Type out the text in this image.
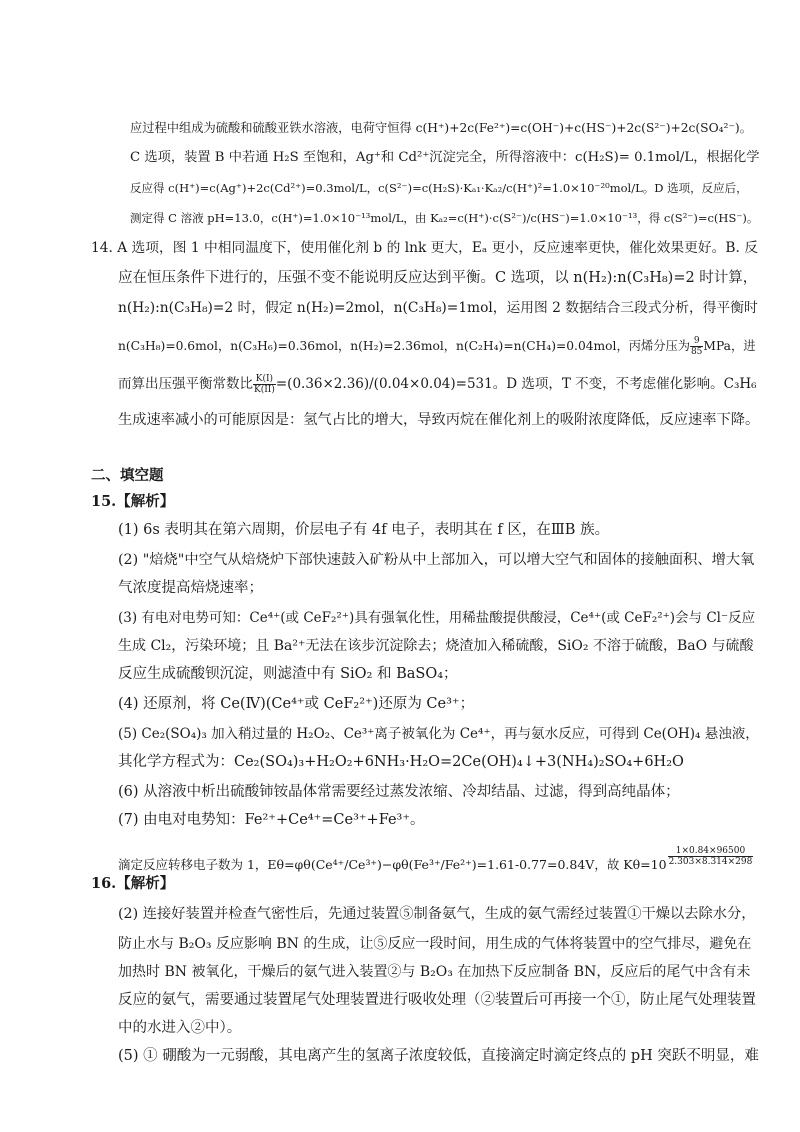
应过程中组成为硫酸和硫酸亚铁水溶液，电荷守恒得 c(H⁺)+2c(Fe²⁺)=c(OH⁻)+c(HS⁻)+2c(S²⁻)+2c(SO₄²⁻)。
C 选项，装置 B 中若通 H₂S 至饱和，Ag⁺和 Cd²⁺沉淀完全，所得溶液中：c(H₂S)= 0.1mol/L，根据化学
反应得 c(H⁺)=c(Ag⁺)+2c(Cd²⁺)=0.3mol/L，c(S²⁻)=c(H₂S)·Kₐ₁·Kₐ₂/c(H⁺)²=1.0×10⁻²⁰mol/L。D 选项，反应后，
测定得 C 溶液 pH=13.0，c(H⁺)=1.0×10⁻¹³mol/L，由 Kₐ₂=c(H⁺)·c(S²⁻)/c(HS⁻)=1.0×10⁻¹³，得 c(S²⁻)=c(HS⁻)。
14. A 选项，图 1 中相同温度下，使用催化剂 b 的 lnk 更大，Eₐ 更小，反应速率更快，催化效果更好。B. 反
应在恒压条件下进行的，压强不变不能说明反应达到平衡。C 选项，以 n(H₂):n(C₃H₈)=2 时计算，
n(H₂):n(C₃H₈)=2 时，假定 n(H₂)=2mol，n(C₃H₈)=1mol，运用图 2 数据结合三段式分析，得平衡时
n(C₃H₈)=0.6mol，n(C₃H₆)=0.36mol，n(H₂)=2.36mol，n(C₂H₄)=n(CH₄)=0.04mol，丙烯分压为 $\frac{9}{85}$ MPa，进
而算出压强平衡常数比 $\frac{K(I)}{K(II)} =(0.36\times 2.36)/(0.04\times 0.04)=531$。D 选项，T 不变，不考虑催化影响。C₃H₆
生成速率减小的可能原因是：氢气占比的增大，导致丙烷在催化剂上的吸附浓度降低，反应速率下降。
二、填空题
15.【解析】
(1) 6s 表明其在第六周期，价层电子有 4f 电子，表明其在 f 区，在ⅢB 族。
(2) "焙烧"中空气从焙烧炉下部快速鼓入矿粉从中上部加入，可以增大空气和固体的接触面积、增大氧
气浓度提高焙烧速率；
(3) 有电对电势可知：Ce⁴⁺(或 CeF₂²⁺)具有强氧化性，用稀盐酸提供酸浸，Ce⁴⁺(或 CeF₂²⁺)会与 Cl⁻反应
生成 Cl₂，污染环境；且 Ba²⁺无法在该步沉淀除去；烧渣加入稀硫酸，SiO₂ 不溶于硫酸，BaO 与硫酸
反应生成硫酸钡沉淀，则滤渣中有 SiO₂ 和 BaSO₄；
(4) 还原剂，将 Ce(Ⅳ)(Ce⁴⁺或 CeF₂²⁺)还原为 Ce³⁺；
(5) Ce₂(SO₄)₃ 加入稍过量的 H₂O₂、Ce³⁺离子被氧化为 Ce⁴⁺，再与氨水反应，可得到 Ce(OH)₄ 悬浊液，
其化学方程式为：Ce₂(SO₄)₃+H₂O₂+6NH₃·H₂O=2Ce(OH)₄↓+3(NH₄)₂SO₄+6H₂O
(6) 从溶液中析出硫酸铈铵晶体常需要经过蒸发浓缩、冷却结晶、过滤，得到高纯晶体；
(7) 由电对电势知：Fe²⁺+Ce⁴⁺=Ce³⁺+Fe³⁺。
滴定反应转移电子数为 1，Eθ=φθ(Ce⁴⁺/Ce³⁺)−φθ(Fe³⁺/Fe²⁺)=1.61-0.77=0.84V，故 $K\theta=10 \frac{1\times 0.84\times 96500}{2.303\times 8.314\times 298}$
16.【解析】
(2) 连接好装置并检查气密性后，先通过装置⑤制备氨气，生成的氨气需经过装置①干燥以去除水分，
防止水与 B₂O₃ 反应影响 BN 的生成，让⑤反应一段时间，用生成的气体将装置中的空气排尽，避免在
加热时 BN 被氧化，干燥后的氨气进入装置②与 B₂O₃ 在加热下反应制备 BN，反应后的尾气中含有未
反应的氨气，需要通过装置尾气处理装置进行吸收处理（②装置后可再接一个①，防止尾气处理装置
中的水进入②中）。
(5) ① 硼酸为一元弱酸，其电离产生的氢离子浓度较低，直接滴定时滴定终点的 pH 突跃不明显，难
